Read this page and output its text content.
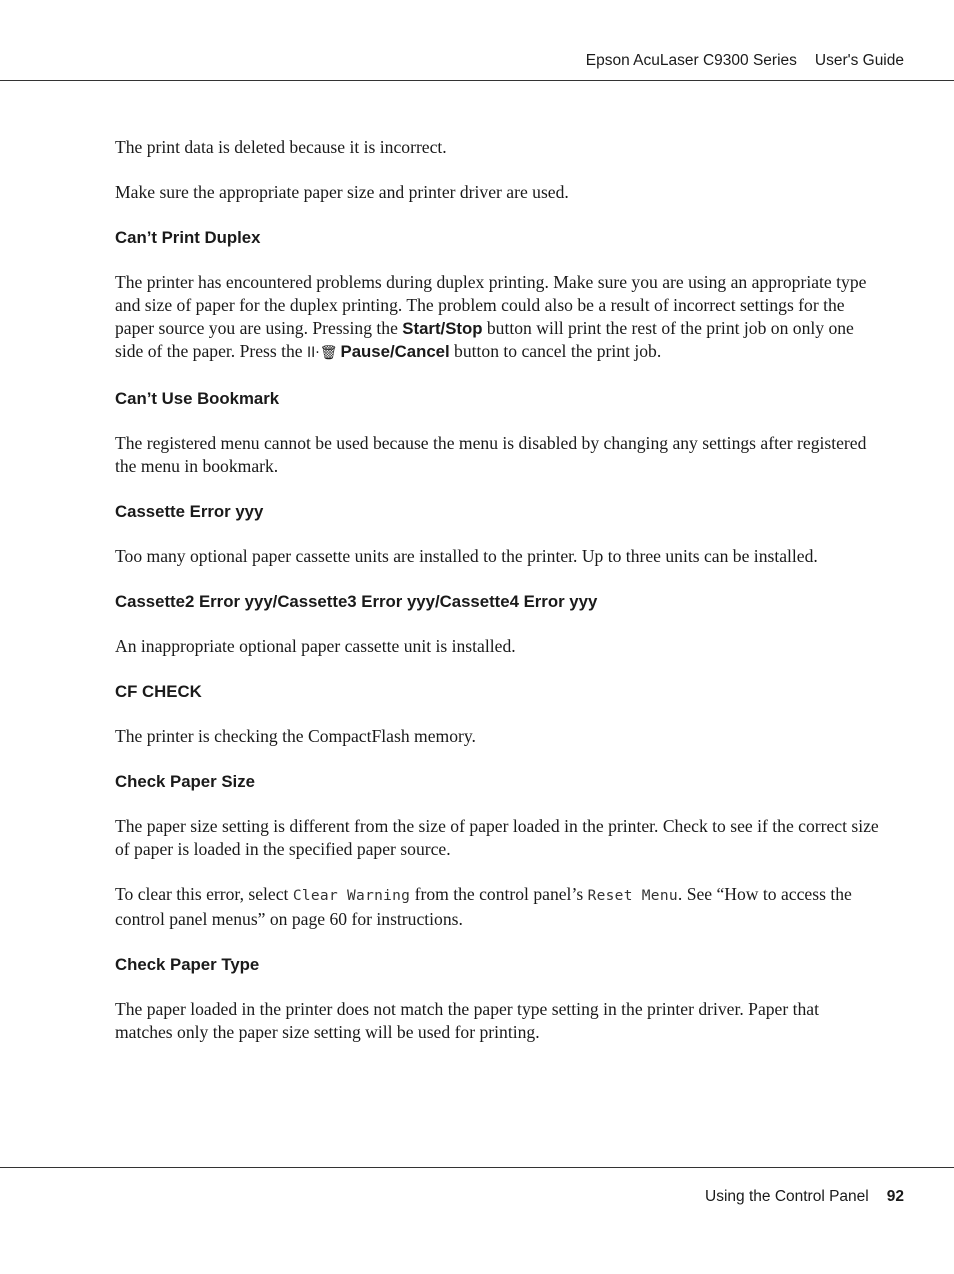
Epson AcuLaser C9300 Series User's Guide

The print data is deleted because it is incorrect.

Make sure the appropriate paper size and printer driver are used.

Can’t Print Duplex

The printer has encountered problems during duplex printing. Make sure you are using an appropriate type and size of paper for the duplex printing. The problem could also be a result of incorrect settings for the paper source you are using. Pressing the Start/Stop button will print the rest of the print job on only one side of the paper. Press the II·🗑 Pause/Cancel button to cancel the print job.

Can’t Use Bookmark

The registered menu cannot be used because the menu is disabled by changing any settings after registered the menu in bookmark.

Cassette Error yyy

Too many optional paper cassette units are installed to the printer. Up to three units can be installed.

Cassette2 Error yyy/Cassette3 Error yyy/Cassette4 Error yyy

An inappropriate optional paper cassette unit is installed.

CF CHECK

The printer is checking the CompactFlash memory.

Check Paper Size

The paper size setting is different from the size of paper loaded in the printer. Check to see if the correct size of paper is loaded in the specified paper source.

To clear this error, select Clear Warning from the control panel’s Reset Menu. See “How to access the control panel menus” on page 60 for instructions.

Check Paper Type

The paper loaded in the printer does not match the paper type setting in the printer driver. Paper that matches only the paper size setting will be used for printing.

Using the Control Panel 92
